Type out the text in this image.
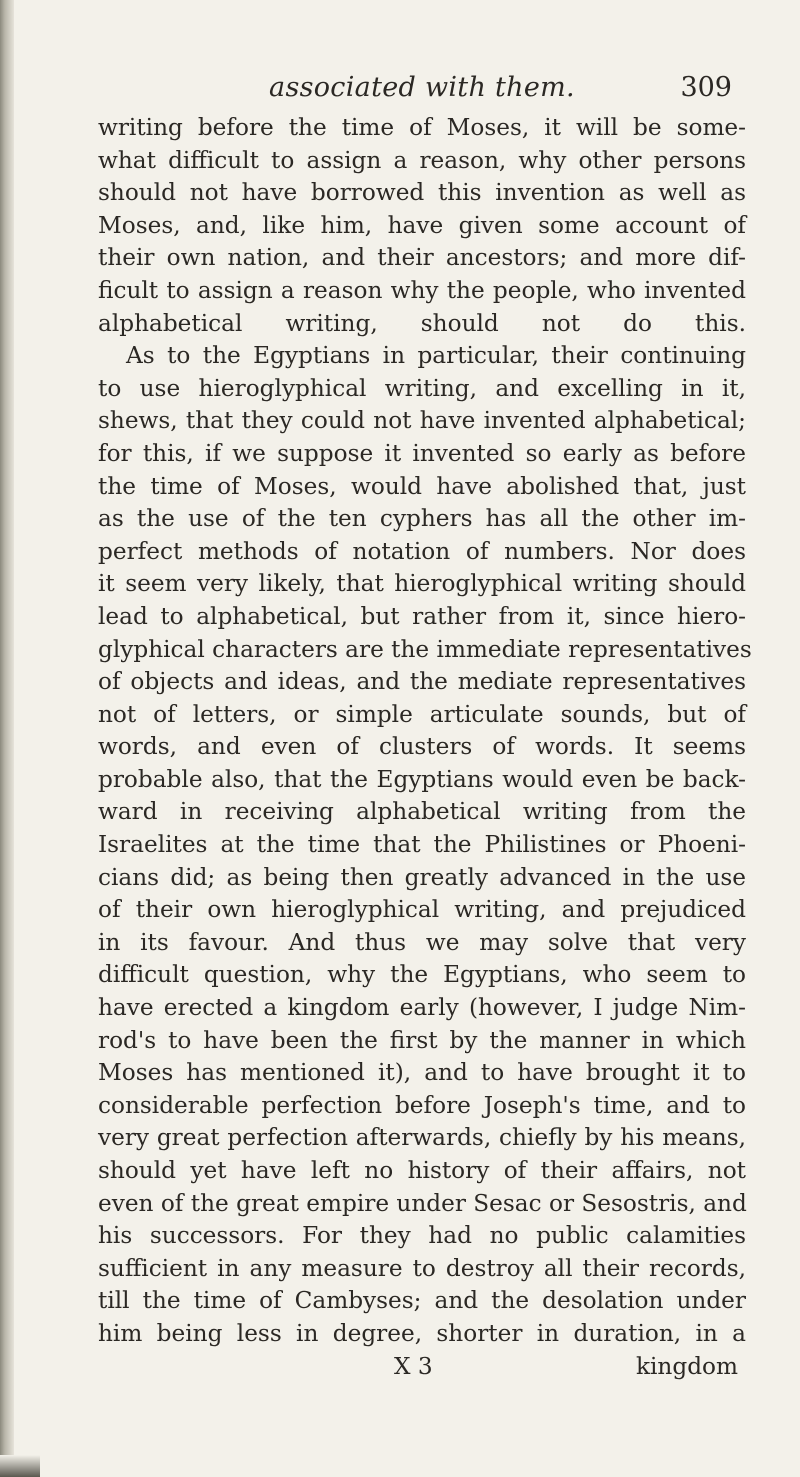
associated with them.	309
writing before the time of Moses, it will be some-
what difficult to assign a reason, why other persons
should not have borrowed this invention as well as
Moses, and, like him, have given some account of
their own nation, and their ancestors; and more dif-
ficult to assign a reason why the people, who invented
alphabetical writing, should not do this.
As to the Egyptians in particular, their continuing
to use hieroglyphical writing, and excelling in it,
shews, that they could not have invented alphabetical;
for this, if we suppose it invented so early as before
the time of Moses, would have abolished that, just
as the use of the ten cyphers has all the other im-
perfect methods of notation of numbers. Nor does
it seem very likely, that hieroglyphical writing should
lead to alphabetical, but rather from it, since hiero-
glyphical characters are the immediate representatives
of objects and ideas, and the mediate representatives
not of letters, or simple articulate sounds, but of
words, and even of clusters of words. It seems
probable also, that the Egyptians would even be back-
ward in receiving alphabetical writing from the
Israelites at the time that the Philistines or Phoeni-
cians did; as being then greatly advanced in the use
of their own hieroglyphical writing, and prejudiced
in its favour. And thus we may solve that very
difficult question, why the Egyptians, who seem to
have erected a kingdom early (however, I judge Nim-
rod's to have been the first by the manner in which
Moses has mentioned it), and to have brought it to
considerable perfection before Joseph's time, and to
very great perfection afterwards, chiefly by his means,
should yet have left no history of their affairs, not
even of the great empire under Sesac or Sesostris, and
his successors. For they had no public calamities
sufficient in any measure to destroy all their records,
till the time of Cambyses; and the desolation under
him being less in degree, shorter in duration, in a
X 3	kingdom
